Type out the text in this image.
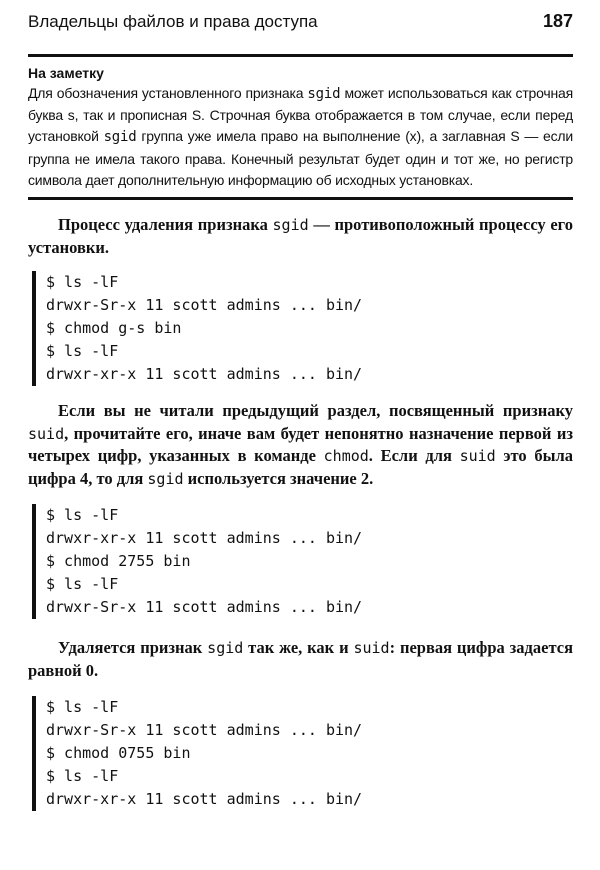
Владельцы файлов и права доступа	187
На заметку
Для обозначения установленного признака sgid может использоваться как строчная буква s, так и прописная S. Строчная буква отображается в том случае, если перед установкой sgid группа уже имела право на выполнение (x), а заглавная S — если группа не имела такого права. Конечный результат будет один и тот же, но регистр символа дает дополнительную информацию об исходных установках.
Процесс удаления признака sgid — противоположный процессу его установки.
$ ls -lF
drwxr-Sr-x 11 scott admins ... bin/
$ chmod g-s bin
$ ls -lF
drwxr-xr-x 11 scott admins ... bin/
Если вы не читали предыдущий раздел, посвященный признаку suid, прочитайте его, иначе вам будет непонятно назначение первой из четырех цифр, указанных в команде chmod. Если для suid это была цифра 4, то для sgid используется значение 2.
$ ls -lF
drwxr-xr-x 11 scott admins ... bin/
$ chmod 2755 bin
$ ls -lF
drwxr-Sr-x 11 scott admins ... bin/
Удаляется признак sgid так же, как и suid: первая цифра задается равной 0.
$ ls -lF
drwxr-Sr-x 11 scott admins ... bin/
$ chmod 0755 bin
$ ls -lF
drwxr-xr-x 11 scott admins ... bin/
